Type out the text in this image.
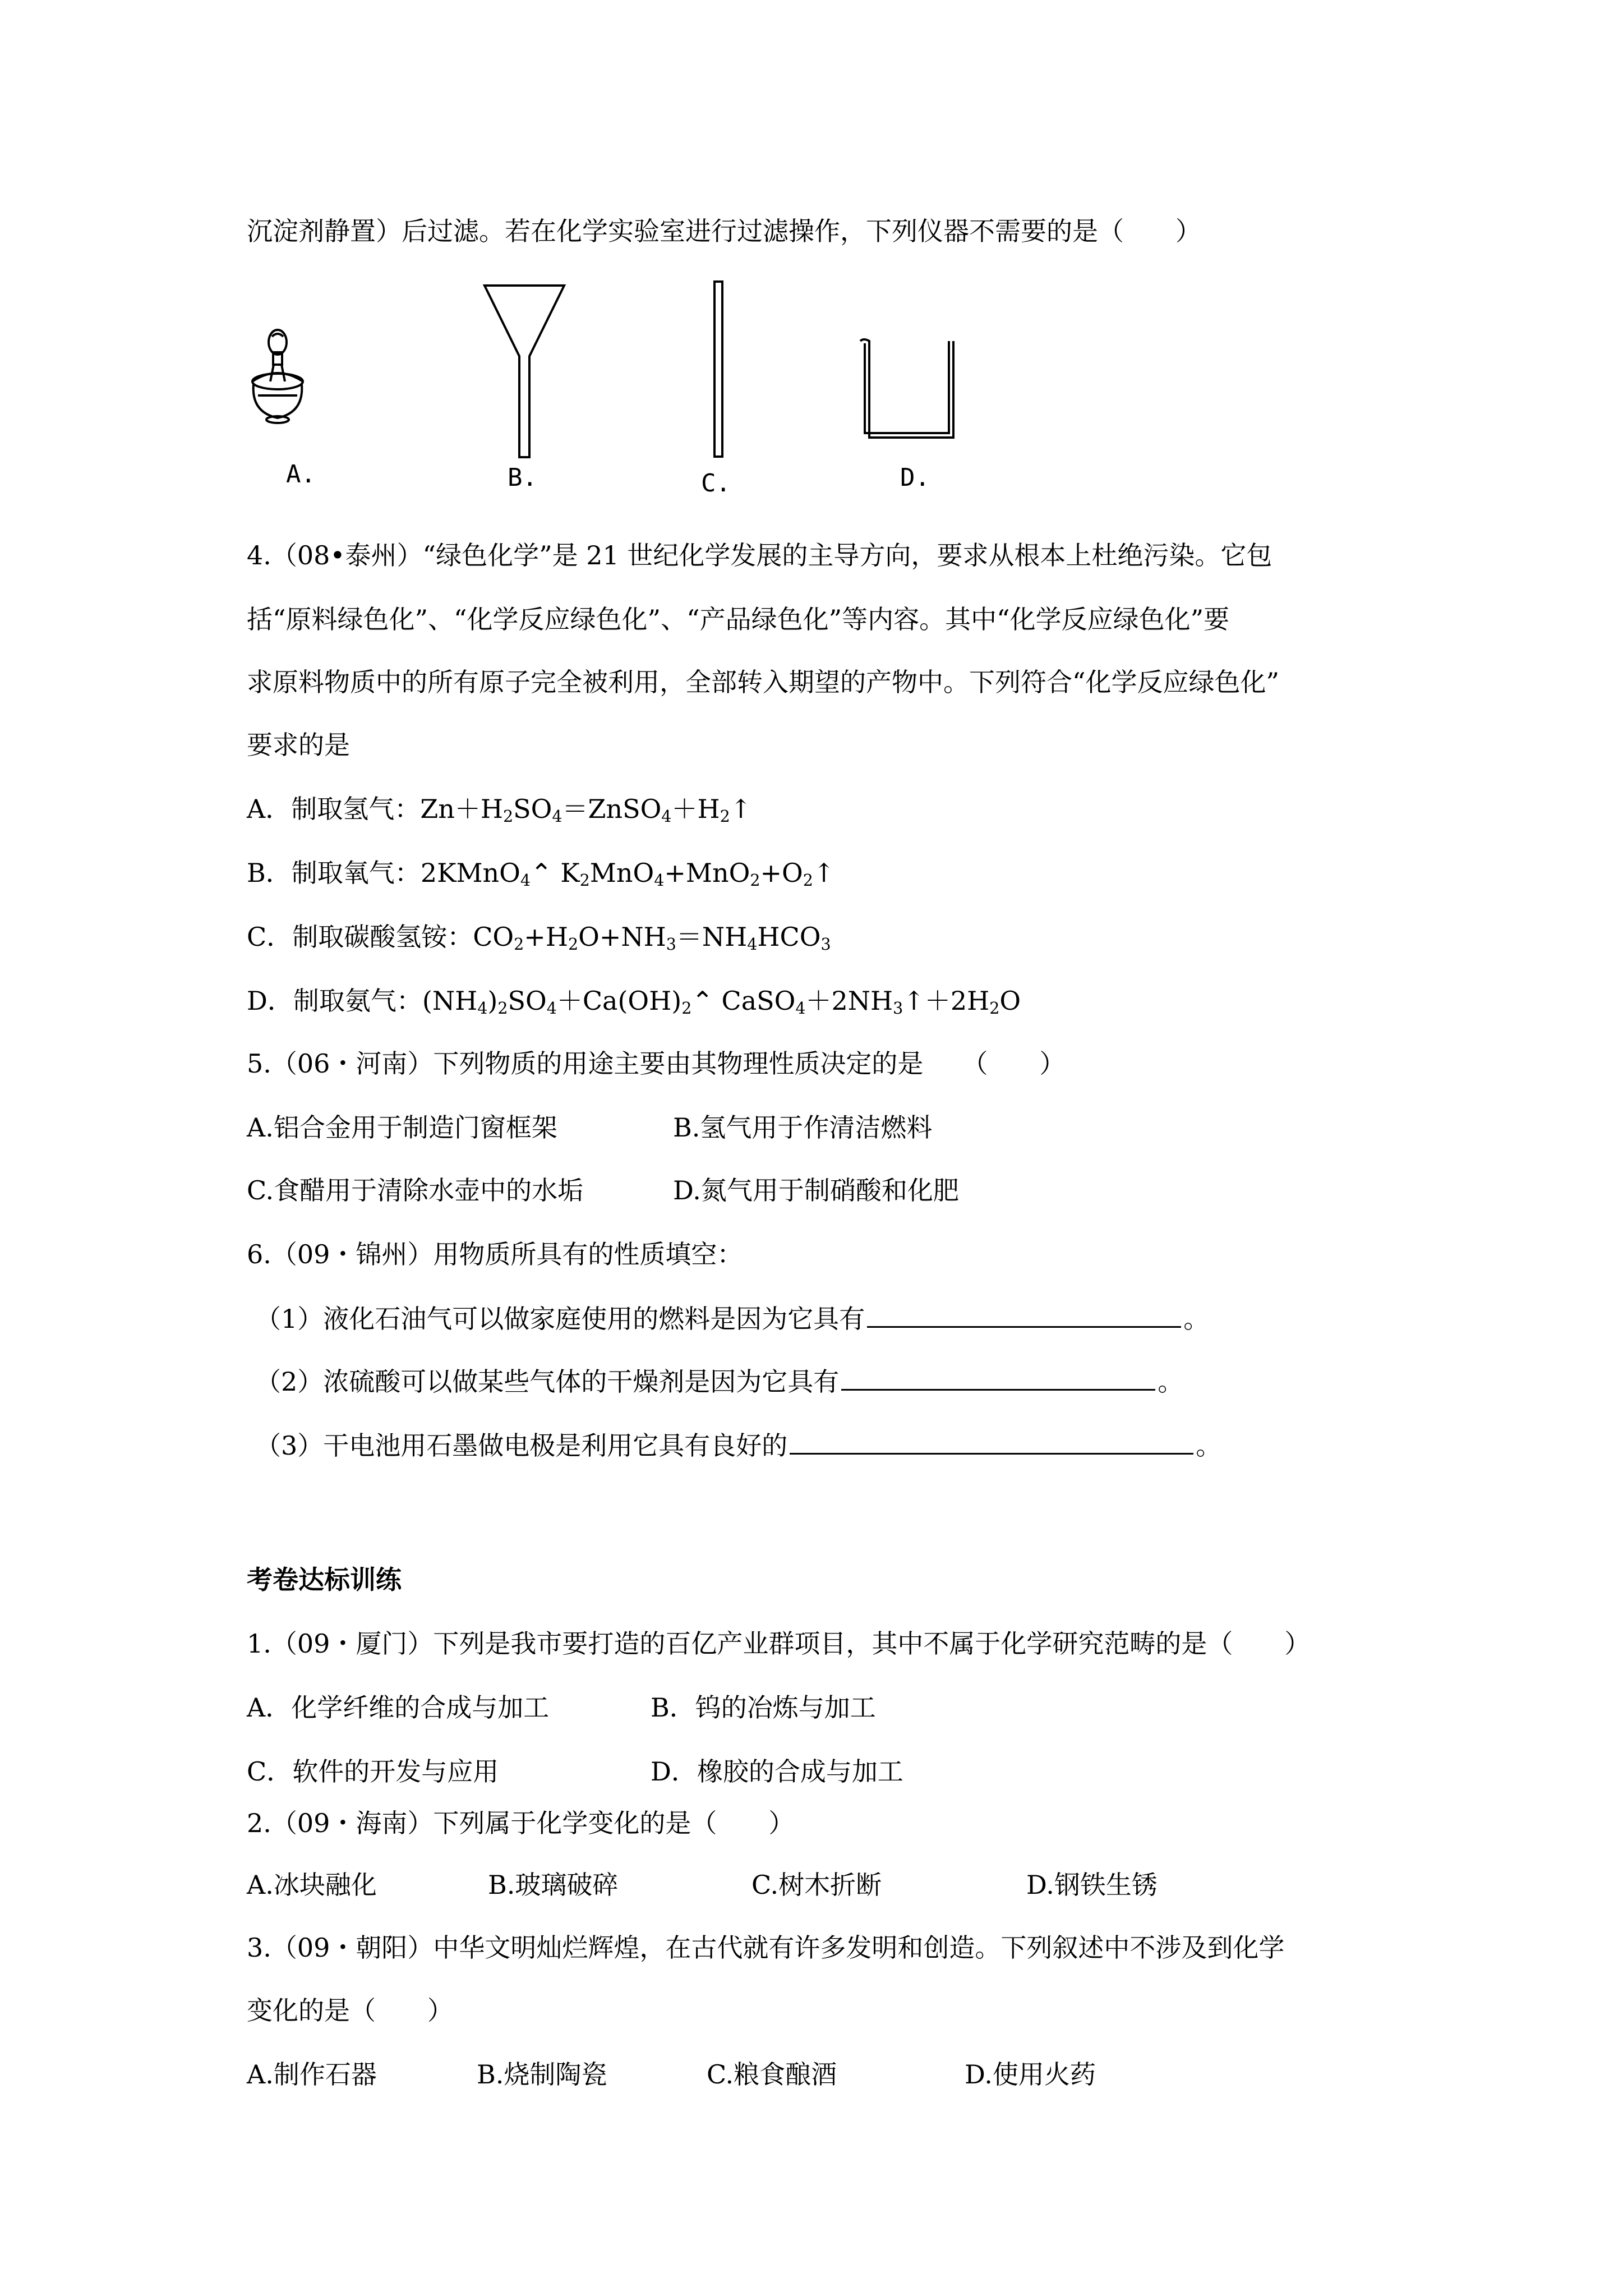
沉淀剂静置）后过滤。若在化学实验室进行过滤操作，下列仪器不需要的是（　　）
A.	B.	C.	D.
4.（08•泰州）“绿色化学”是 21 世纪化学发展的主导方向，要求从根本上杜绝污染。它包
括“原料绿色化”、“化学反应绿色化”、“产品绿色化”等内容。其中“化学反应绿色化”要
求原料物质中的所有原子完全被利用，全部转入期望的产物中。下列符合“化学反应绿色化”
要求的是
A．制取氢气：$Zn+H_2SO_4=ZnSO_4+H_2↑$
B．制取氧气：2KMnO$_4$⌃ $K_2MnO_4+MnO_2+O_2↑$
C．制取碳酸氢铵：$CO_2+H_2O+NH_3=NH_4HCO_3$
D．制取氨气：$(NH_4)_2SO_4+Ca(OH)_2⌃$ $CaSO_4+2NH_3↑+2H_2O$
5.（06・河南）下列物质的用途主要由其物理性质决定的是　　（　　）
A.铝合金用于制造门窗框架	B.氢气用于作清洁燃料
C.食醋用于清除水壶中的水垢	D.氮气用于制硝酸和化肥
6.（09・锦州）用物质所具有的性质填空：
（1）液化石油气可以做家庭使用的燃料是因为它具有	。
（2）浓硫酸可以做某些气体的干燥剂是因为它具有	。
（3）干电池用石墨做电极是利用它具有良好的	。
考卷达标训练
1.（09・厦门）下列是我市要打造的百亿产业群项目，其中不属于化学研究范畴的是（　　）
A．化学纤维的合成与加工	B．钨的冶炼与加工
C．软件的开发与应用	D．橡胶的合成与加工
2.（09・海南）下列属于化学变化的是（　　）
A.冰块融化	B.玻璃破碎	C.树木折断	D.钢铁生锈
3.（09・朝阳）中华文明灿烂辉煌，在古代就有许多发明和创造。下列叙述中不涉及到化学
变化的是（　　）
A.制作石器	B.烧制陶瓷	C.粮食酿酒	D.使用火药
